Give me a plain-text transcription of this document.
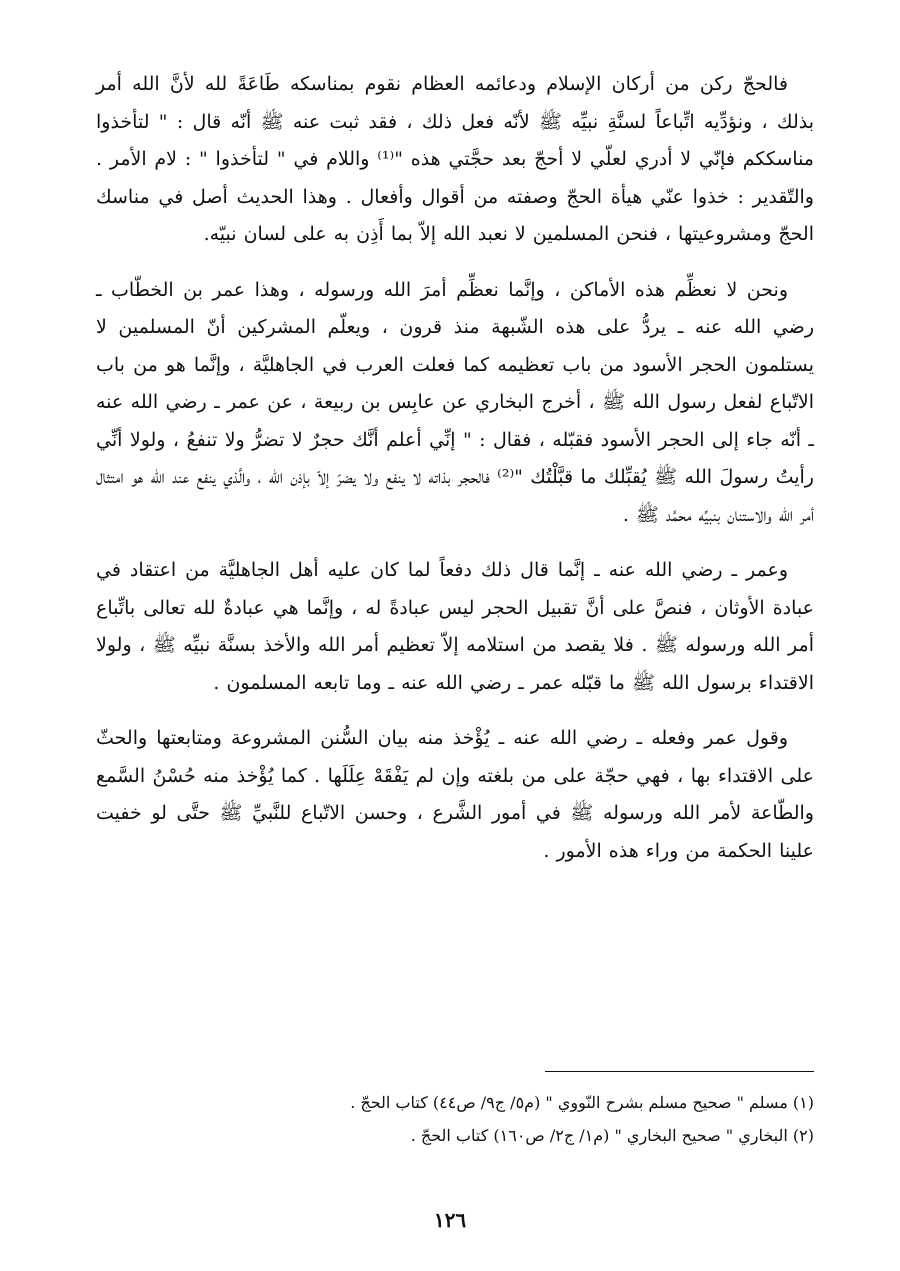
فالحجّ ركن من أركان الإسلام ودعائمه العظام نقوم بمناسكه طَاعَةً لله لأنَّ الله أمر بذلك ، ونؤدِّيه اتِّباعاً لسنَّةِ نبيِّه ﷺ لأنّه فعل ذلك ، فقد ثبت عنه ﷺ أنّه قال : " لتأخذوا مناسككم فإنّي لا أدري لعلّي لا أحجّ بعد حجَّتي هذه "⁽¹⁾ واللام في " لتأخذوا " : لام الأمر . والتّقدير : خذوا عنّي هيأة الحجّ وصفته من أقوال وأفعال . وهذا الحديث أصل في مناسك الحجّ ومشروعيتها ، فنحن المسلمين لا نعبد الله إلاّ بما أَذِن به على لسان نبيّه.

ونحن لا نعظِّم هذه الأماكن ، وإنَّما نعظِّم أمرَ الله ورسوله ، وهذا عمر بن الخطّاب ـ رضي الله عنه ـ يردُّ على هذه الشّبهة منذ قرون ، ويعلّم المشركين أنّ المسلمين لا يستلمون الحجر الأسود من باب تعظيمه كما فعلت العرب في الجاهليَّة ، وإنَّما هو من باب الاتّباع لفعل رسول الله ﷺ ، أخرج البخاري عن عابِس بن ربيعة ، عن عمر ـ رضي الله عنه ـ أنّه جاء إلى الحجر الأسود فقبّله ، فقال : " إنِّي أعلم أنَّك حجرٌ لا تضرُّ ولا تنفعُ ، ولولا أنِّي رأيتُ رسولَ الله ﷺ يُقبِّلك ما قبَّلْتُك "⁽²⁾ فالحجر بذاته لا ينفع ولا يضرّ إلاّ بإذن الله ، والَّذي ينفع عند الله هو امتثال أمر الله والاستنان بنبيِّه محمَّد ﷺ .

وعمر ـ رضي الله عنه ـ إنَّما قال ذلك دفعاً لما كان عليه أهل الجاهليَّة من اعتقاد في عبادة الأوثان ، فنصَّ على أنَّ تقبيل الحجر ليس عبادةً له ، وإنَّما هي عبادةٌ لله تعالى باتِّباع أمر الله ورسوله ﷺ . فلا يقصد من استلامه إلاّ تعظيم أمر الله والأخذ بسنَّة نبيِّه ﷺ ، ولولا الاقتداء برسول الله ﷺ ما قبّله عمر ـ رضي الله عنه ـ وما تابعه المسلمون .

وقول عمر وفعله ـ رضي الله عنه ـ يُؤْخذ منه بيان السُّنن المشروعة ومتابعتها والحثّ على الاقتداء بها ، فهي حجّة على من بلغته وإن لم يَفْقَهْ عِلَلَها . كما يُؤْخذ منه حُسْنُ السَّمع والطّاعة لأمر الله ورسوله ﷺ في أمور الشَّرع ، وحسن الاتّباع للنَّبيِّ ﷺ حتَّى لو خفيت علينا الحكمة من وراء هذه الأمور .

(١) مسلم " صحيح مسلم بشرح النّووي " (م٥/ ج٩/ ص٤٤) كتاب الحجّ .

(٢) البخاري " صحيح البخاري " (م١/ ج٢/ ص١٦٠) كتاب الحجّ .

١٢٦
